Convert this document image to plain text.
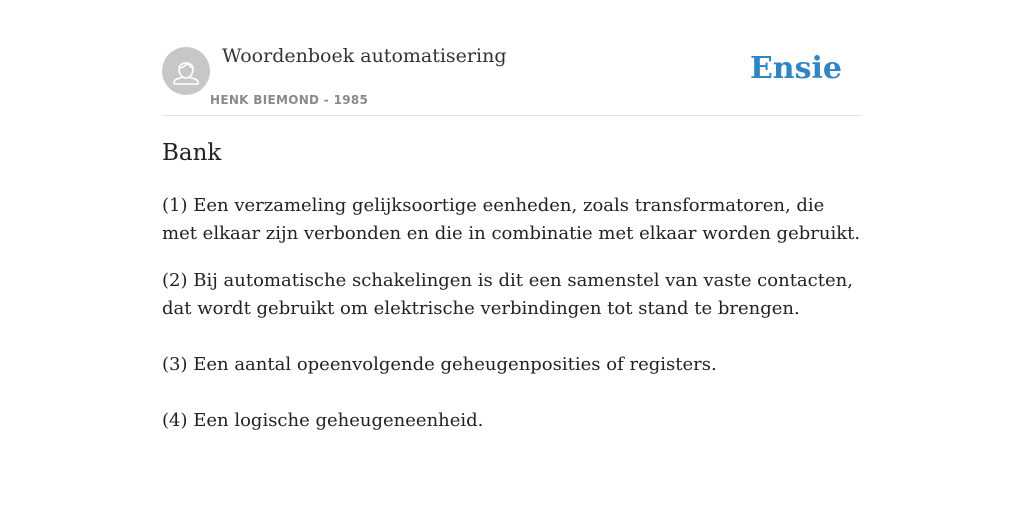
Woordenboek automatisering
HENK BIEMOND - 1985
Ensie
Bank

(1) Een verzameling gelijksoortige eenheden, zoals transformatoren, die met elkaar zijn verbonden en die in combinatie met elkaar worden gebruikt.

(2) Bij automatische schakelingen is dit een samenstel van vaste contacten, dat wordt gebruikt om elektrische verbindingen tot stand te brengen.

(3) Een aantal opeenvolgende geheugenposities of registers.

(4) Een logische geheugeneenheid.
